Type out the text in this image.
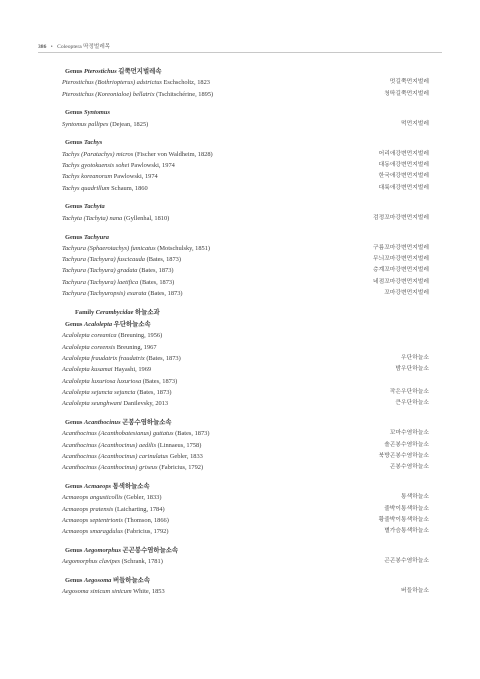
386 • Coleoptera 딱정벌레목
Genus Pterostichus 길쭉먼지벌레속
Pterostichus (Bothriopterus) adstrictus Eschscholtz, 1823	멋길쭉먼지벌레
Pterostichus (Koreonialoe) bellatrix (Tschitschérine, 1895)	청딱길쭉먼지벌레
Genus Syntomus
Syntomus pallipes (Dejean, 1825)	먹먼지벌레
Genus Tachys
Tachys (Paratachys) micros (Fischer von Waldheim, 1828)	어리애강변먼지벌레
Tachys gyotokuensis sohei Pawlowski, 1974	대동애강변먼지벌레
Tachys koreanorum Pawlowski, 1974	한국애강변먼지벌레
Tachys quadrillum Schaum, 1860	대륙애강변먼지벌레
Genus Tachyta
Tachyta (Tachyta) nana (Gyllenhal, 1810)	검정꼬마강변먼지벌레
Genus Tachyura
Tachyura (Sphaerotachys) fumicatus (Motschulsky, 1851)	구름꼬마강변먼지벌레
Tachyura (Tachyura) fuscicauda (Bates, 1873)	무늬꼬마강변먼지벌레
Tachyura (Tachyura) gradata (Bates, 1873)	층계꼬마강변먼지벌레
Tachyura (Tachyura) laetifica (Bates, 1873)	네점꼬마강변먼지벌레
Tachyura (Tachyuropsis) exarata (Bates, 1873)	꼬마강변먼지벌레
Family Cerambycidae 하늘소과
Genus Acalolepta 우단하늘소속
Acalolepta coreanica (Breuning, 1956)
Acalolepta coreensis Breuning, 1967
Acalolepta fraudatrix fraudatrix (Bates, 1873)	우단하늘소
Acalolepta kusamai Hayashi, 1969	밤우단하늘소
Acalolepta luxuriosa luxuriosa (Bates, 1873)
Acalolepta sejuncta sejuncta (Bates, 1873)	작은우단하늘소
Acalolepta seunghwani Danilevsky, 2013	큰우단하늘소
Genus Acanthocinus 곤봉수염하늘소속
Acanthocinus (Acanthobatesianus) guttatus (Bates, 1873)	꼬마수염하늘소
Acanthocinus (Acanthocinus) aedilis (Linnaeus, 1758)	솔곤봉수염하늘소
Acanthocinus (Acanthocinus) carinulatus Gebler, 1833	북방곤봉수염하늘소
Acanthocinus (Acanthocinus) griseus (Fabricius, 1792)	곤봉수염하늘소
Genus Acmaeops 통색하늘소속
Acmaeops angusticollis (Gebler, 1833)	통색하늘소
Acmaeops pratensis (Laicharting, 1784)	줄박이통색하늘소
Acmaeops septentrionis (Thomson, 1866)	황줄박이통색하늘소
Acmaeops smaragdulus (Fabricius, 1792)	별가슴통색하늘소
Genus Aegomorphus 곤곤봉수염하늘소속
Aegomorphus clavipes (Schrank, 1781)	곤곤봉수염하늘소
Genus Aegosoma 버들하늘소속
Aegosoma sinicum sinicum White, 1853	버들하늘소
